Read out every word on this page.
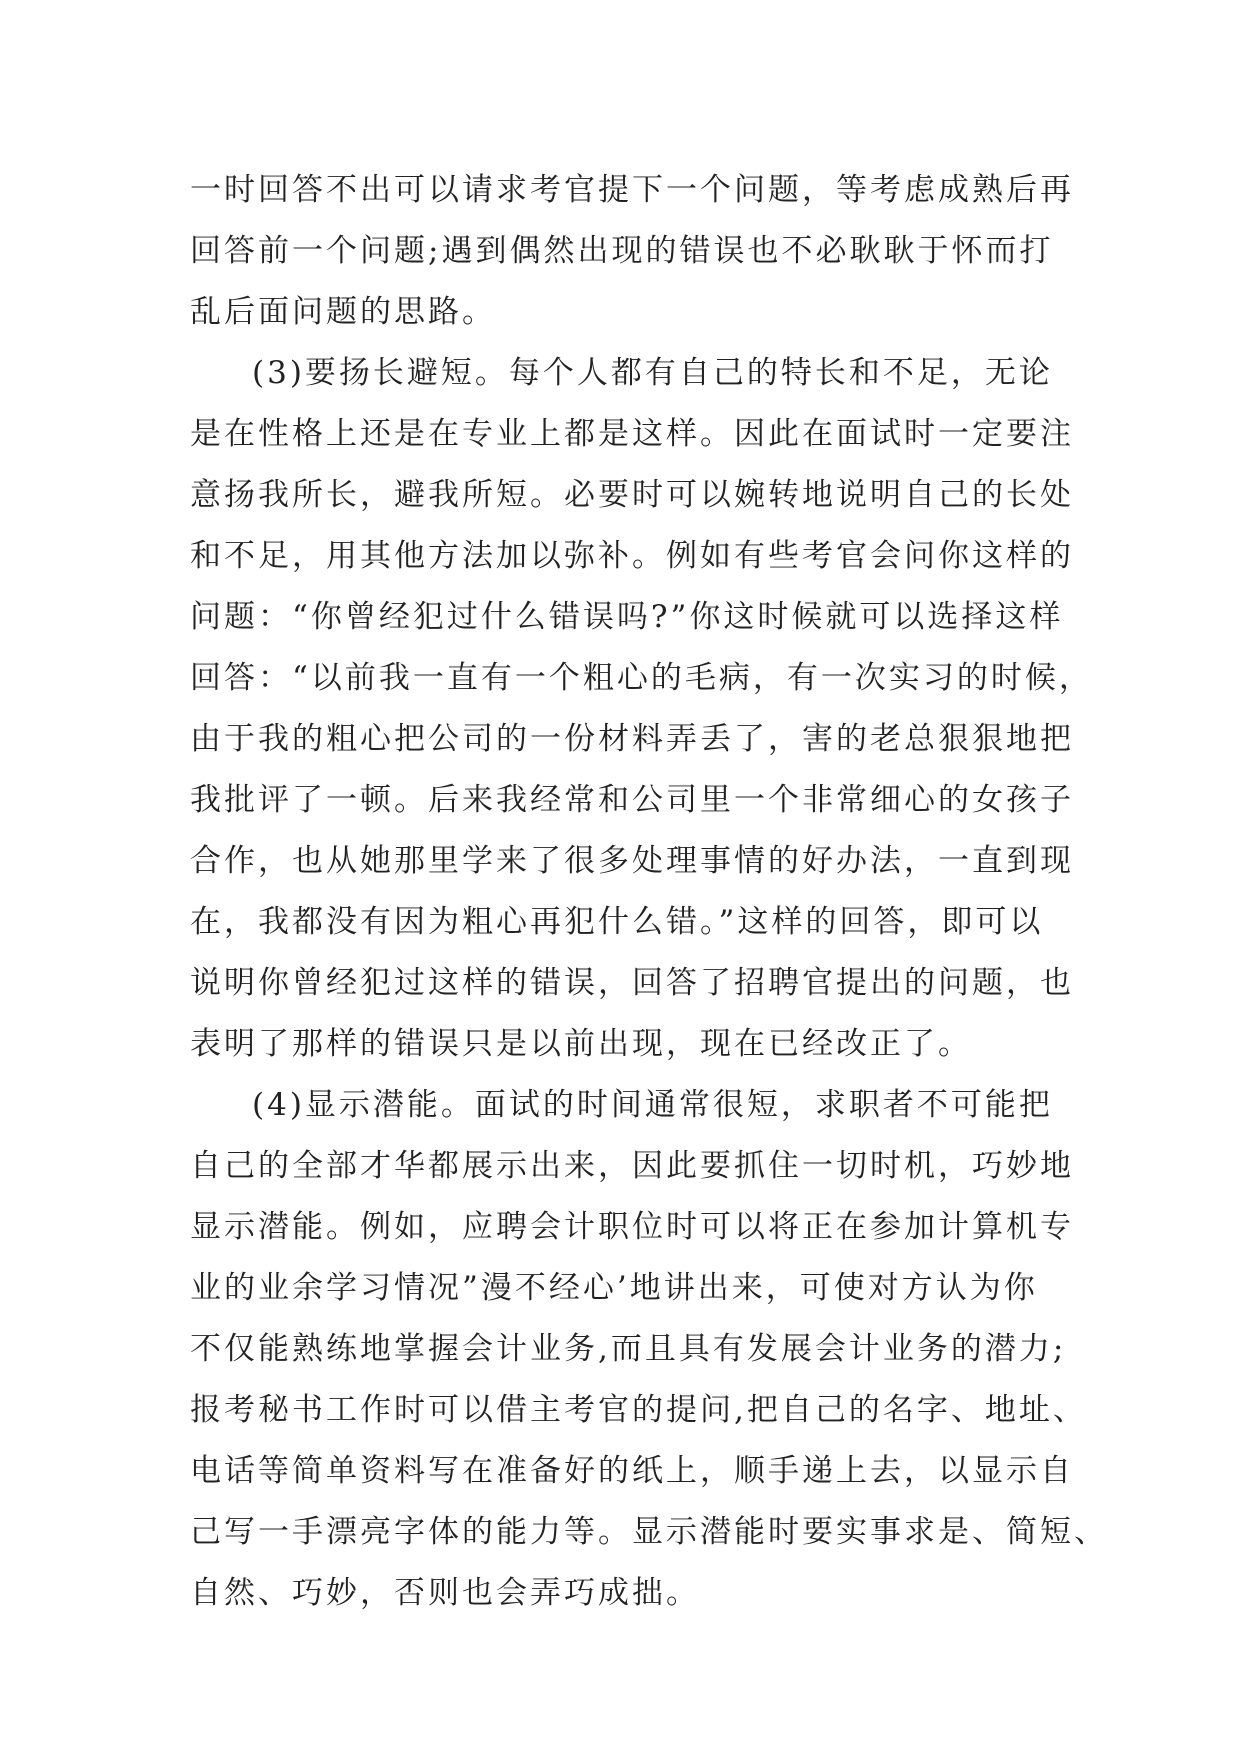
一时回答不出可以请求考官提下一个问题，等考虑成熟后再
回答前一个问题;遇到偶然出现的错误也不必耿耿于怀而打
乱后面问题的思路。
(3)要扬长避短。每个人都有自己的特长和不足，无论
是在性格上还是在专业上都是这样。因此在面试时一定要注
意扬我所长，避我所短。必要时可以婉转地说明自己的长处
和不足，用其他方法加以弥补。例如有些考官会问你这样的
问题：“你曾经犯过什么错误吗?”你这时候就可以选择这样
回答：“以前我一直有一个粗心的毛病，有一次实习的时候，
由于我的粗心把公司的一份材料弄丢了，害的老总狠狠地把
我批评了一顿。后来我经常和公司里一个非常细心的女孩子
合作，也从她那里学来了很多处理事情的好办法，一直到现
在，我都没有因为粗心再犯什么错。”这样的回答，即可以
说明你曾经犯过这样的错误，回答了招聘官提出的问题，也
表明了那样的错误只是以前出现，现在已经改正了。
(4)显示潜能。面试的时间通常很短，求职者不可能把
自己的全部才华都展示出来，因此要抓住一切时机，巧妙地
显示潜能。例如，应聘会计职位时可以将正在参加计算机专
业的业余学习情况”漫不经心’地讲出来，可使对方认为你
不仅能熟练地掌握会计业务,而且具有发展会计业务的潜力;
报考秘书工作时可以借主考官的提问,把自己的名字、地址、
电话等简单资料写在准备好的纸上，顺手递上去，以显示自
己写一手漂亮字体的能力等。显示潜能时要实事求是、简短、
自然、巧妙，否则也会弄巧成拙。
